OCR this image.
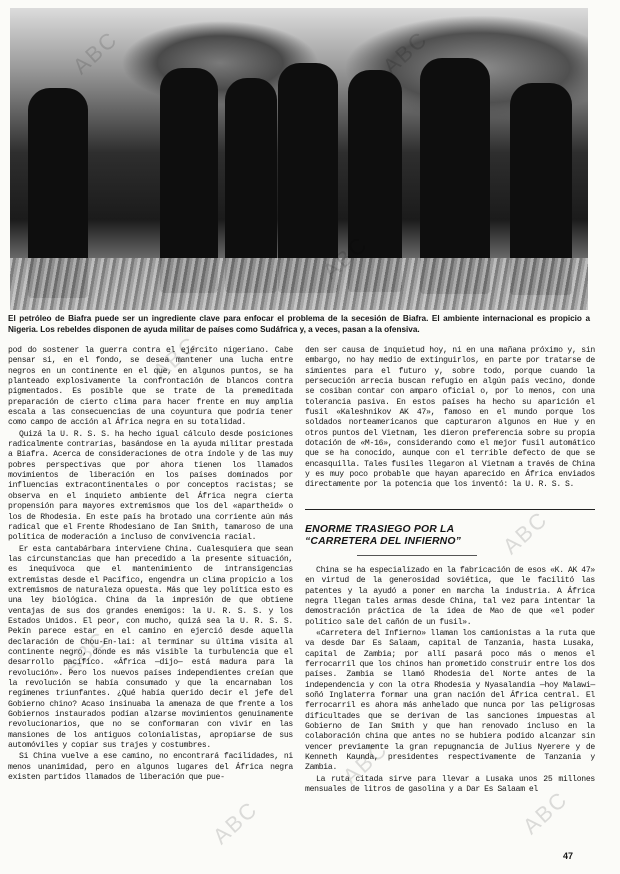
El petróleo de Biafra puede ser un ingrediente clave para enfocar el problema de la secesión de Biafra. El ambiente internacional es propicio a Nigeria. Los rebeldes disponen de ayuda militar de países como Sudáfrica y, a veces, pasan a la ofensiva.

pod do sostener la guerra contra el ejército nigeriano. Cabe pensar si, en el fondo, se desea mantener una lucha entre negros en un continente en el que, en algunos puntos, se ha planteado explosivamente la confrontación de blancos contra pigmentados. Es posible que se trate de la premeditada preparación de cierto clima para hacer frente en muy amplia escala a las consecuencias de una coyuntura que podría tener como campo de acción al África negra en su totalidad.

Quizá la U. R. S. S. ha hecho igual cálculo desde posiciones radicalmente contrarias, basándose en la ayuda militar prestada a Biafra. Acerca de consideraciones de otra índole y de las muy pobres perspectivas que por ahora tienen los llamados movimientos de liberación en los países dominados por influencias extracontinentales o por conceptos racistas; se observa en el inquieto ambiente del África negra cierta propensión para mayores extremismos que los del «apartheid» o los de Rhodesia. En este país ha brotado una corriente aún más radical que el Frente Rhodesiano de Ian Smith, tamaroso de una política de moderación a incluso de convivencia racial.

Er esta cantabárbara interviene China. Cualesquiera que sean las circunstancias que han precedido a la presente situación, es inequívoca que el mantenimiento de intransigencias extremistas desde el Pacífico, engendra un clima propicio a los extremismos de naturaleza opuesta. Más que ley política esto es una ley biológica. China da la impresión de que obtiene ventajas de sus dos grandes enemigos: la U. R. S. S. y los Estados Unidos. El peor, con mucho, quizá sea la U. R. S. S. Pekín parece estar en el camino en ejerció desde aquella declaración de Chou-En-lai: al terminar su última visita al continente negro, donde es más visible la turbulencia que el desarrollo pacífico. «África —dijo— está madura para la revolución». Pero los nuevos países independientes creían que la revolución se había consumado y que la encarnaban los regímenes triunfantes. ¿Qué había querido decir el jefe del Gobierno chino? Acaso insinuaba la amenaza de que frente a los Gobiernos instaurados podían alzarse movimientos genuinamente revolucionarios, que no se conformaran con vivir en las mansiones de los antiguos colonialistas, apropiarse de sus automóviles y copiar sus trajes y costumbres.

Si China vuelve a ese camino, no encontrará facilidades, ni menos unanimidad, pero en algunos lugares del África negra existen partidos llamados de liberación que pue-

den ser causa de inquietud hoy, ni en una mañana próximo y, sin embargo, no hay medio de extinguirlos, en parte por tratarse de simientes para el futuro y, sobre todo, porque cuando la persecución arrecia buscan refugio en algún país vecino, donde se cosiban contar con amparo oficial o, por lo menos, con una tolerancia pasiva. En estos países ha hecho su aparición el fusil «Kaleshnikov AK 47», famoso en el mundo porque los soldados norteamericanos que capturaron algunos en Hue y en otros puntos del Vietnam, les dieron preferencia sobre su propia dotación de «M-16», considerando como el mejor fusil automático que se ha conocido, aunque con el terrible defecto de que se encasquilla. Tales fusiles llegaron al Vietnam a través de China y es muy poco probable que hayan aparecido en África enviados directamente por la potencia que los inventó: la U. R. S. S.

ENORME TRASIEGO POR LA
“CARRETERA DEL INFIERNO”

China se ha especializado en la fabricación de esos «K. AK 47» en virtud de la generosidad soviética, que le facilitó las patentes y la ayudó a poner en marcha la industria. A África negra llegan tales armas desde China, tal vez para intentar la demostración práctica de la idea de Mao de que «el poder político sale del cañón de un fusil».

«Carretera del Infierno» llaman los camionistas a la ruta que va desde Dar Es Salaam, capital de Tanzania, hasta Lusaka, capital de Zambia; por allí pasará poco más o menos el ferrocarril que los chinos han prometido construir entre los dos países. Zambia se llamó Rhodesia del Norte antes de la independencia y con la otra Rhodesia y Nyasalandia —hoy Malawi— soñó Inglaterra formar una gran nación del África central. El ferrocarril es ahora más anhelado que nunca por las peligrosas dificultades que se derivan de las sanciones impuestas al Gobierno de Ian Smith y que han renovado incluso en la colaboración china que antes no se hubiera podido alcanzar sin vencer previamente la gran repugnancia de Julius Nyerere y de Kenneth Kaunda, presidentes respectivamente de Tanzania y Zambia.

La ruta citada sirve para llevar a Lusaka unos 25 millones mensuales de litros de gasolina y a Dar Es Salaam el

47
ABC
ABC
ABC
ABC
ABC	ABC
